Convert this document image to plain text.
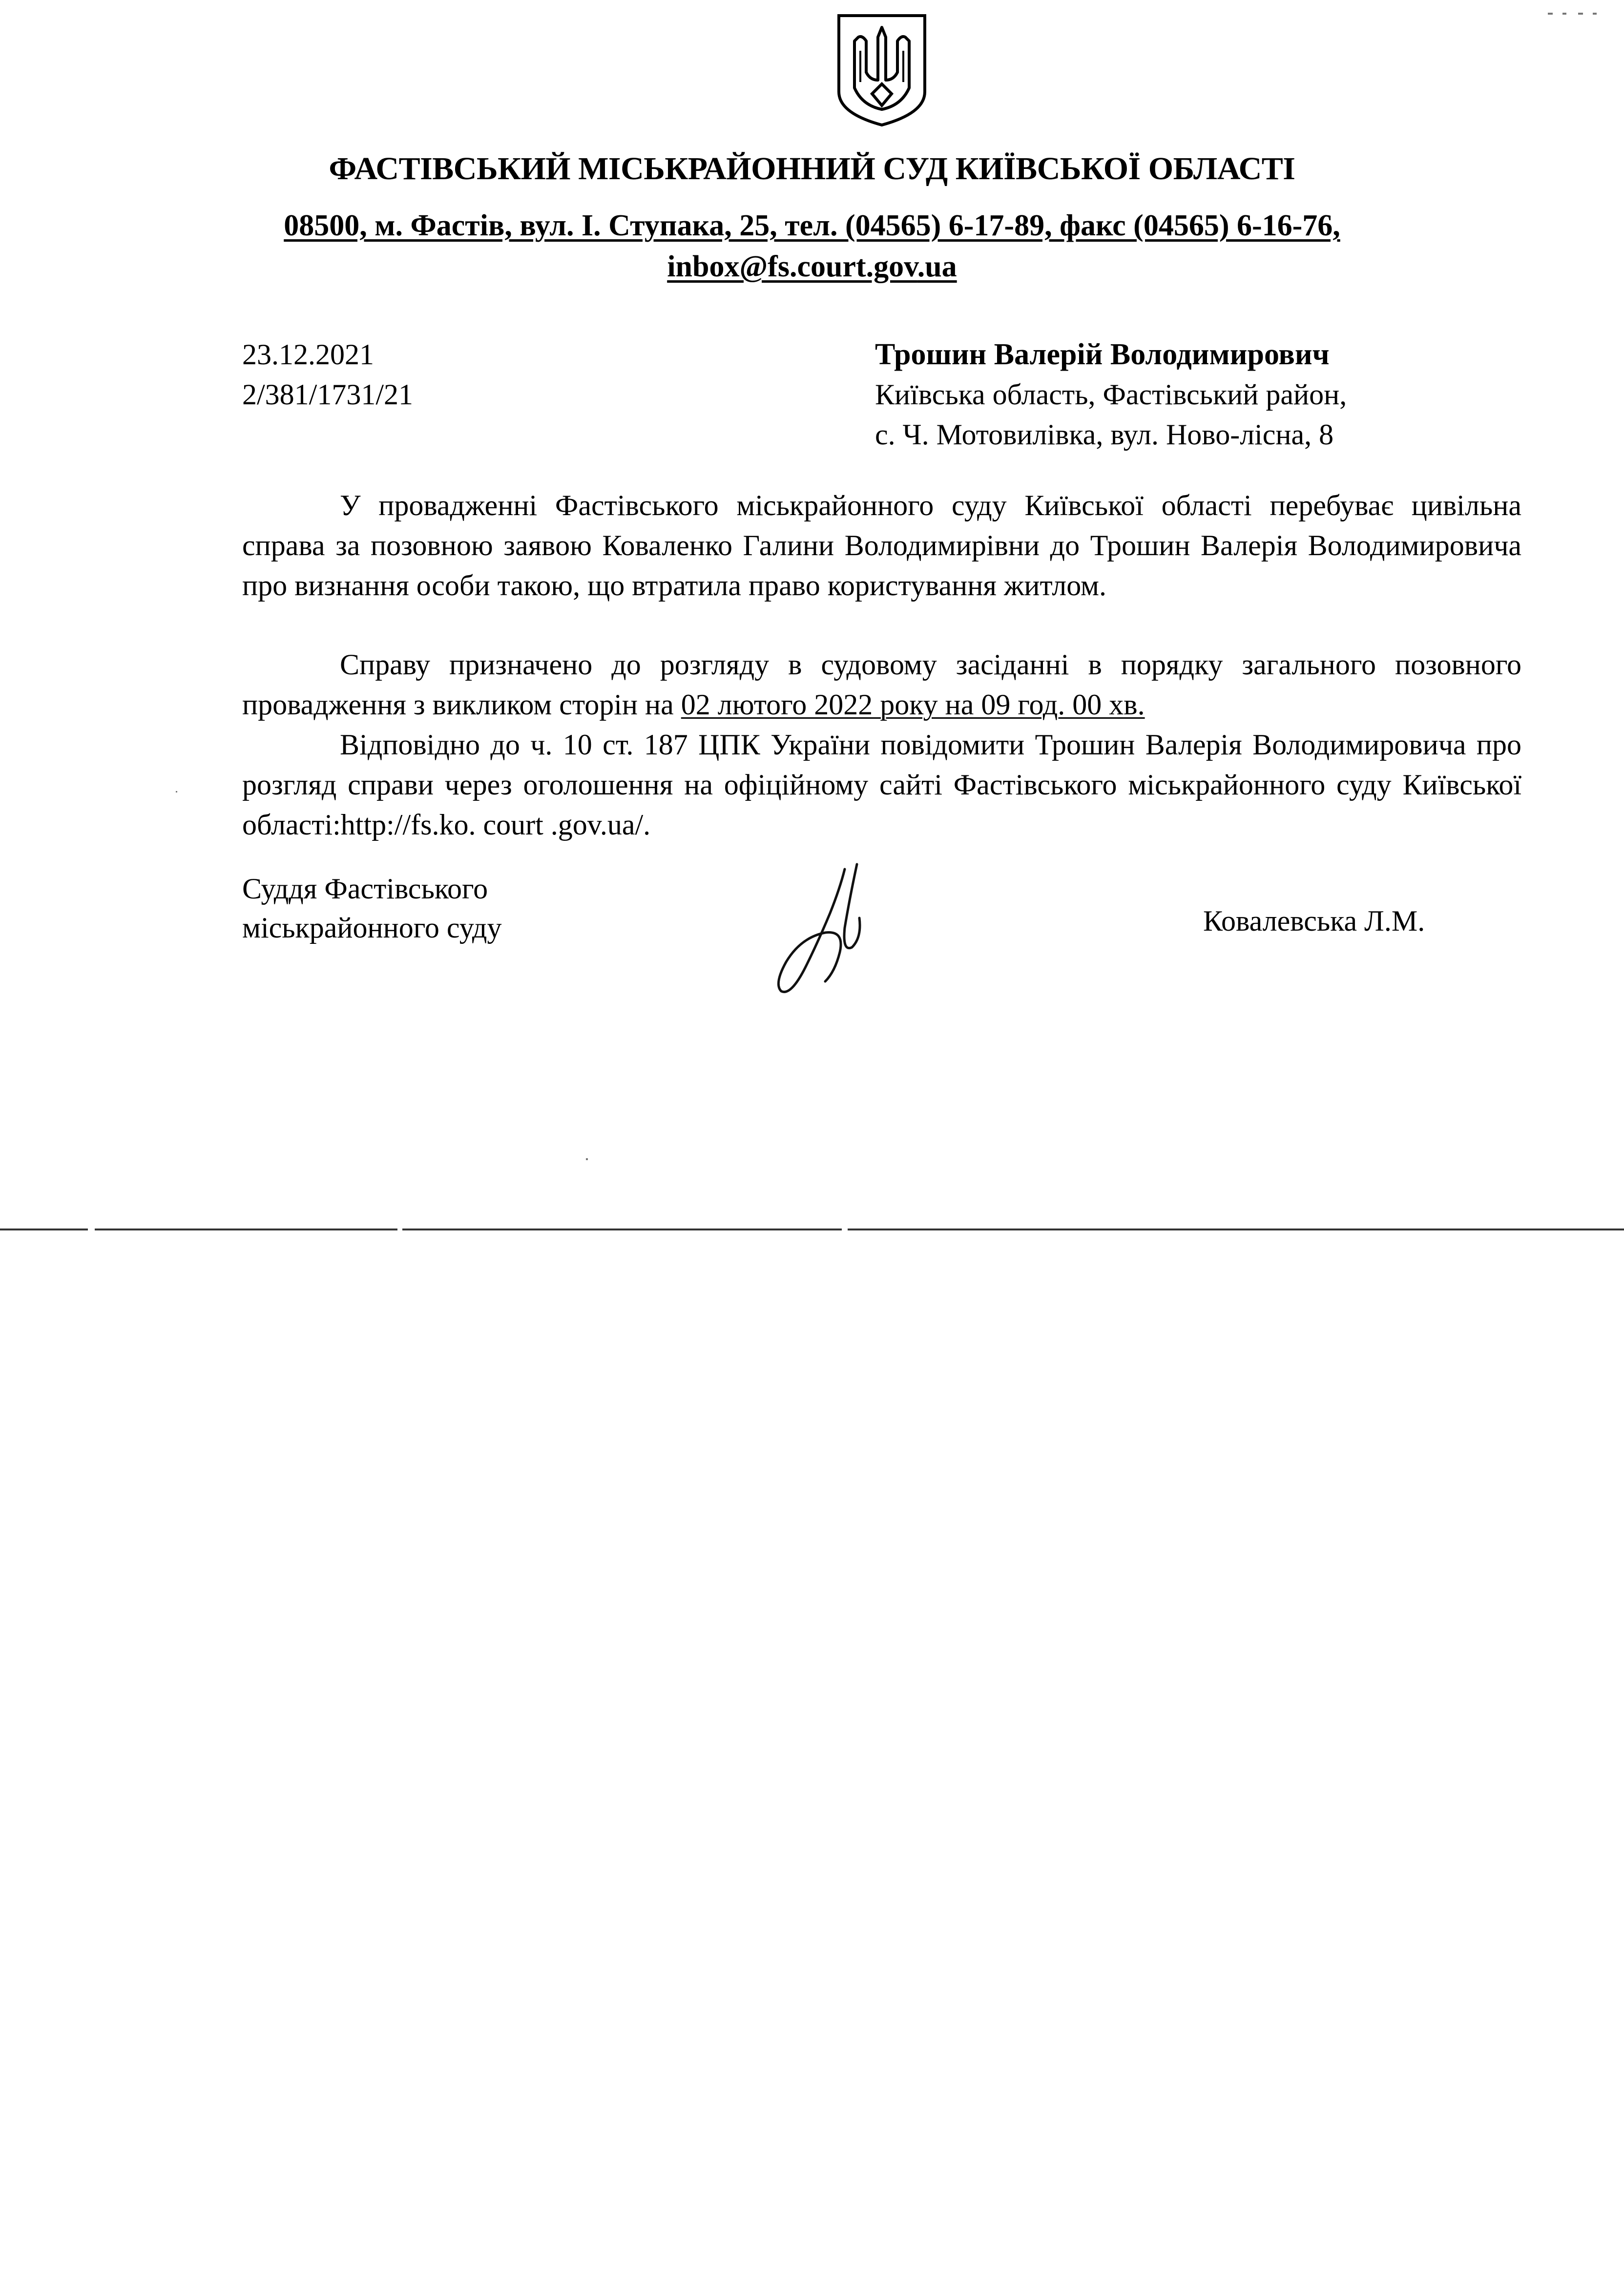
ФАСТІВСЬКИЙ МІСЬКРАЙОННИЙ СУД КИЇВСЬКОЇ ОБЛАСТІ
08500, м. Фастів, вул. І. Ступака, 25, тел. (04565) 6-17-89, факс (04565) 6-16-76,
inbox@fs.court.gov.ua
23.12.2021
2/381/1731/21
Трошин Валерій Володимирович
Київська область, Фастівський район,
с. Ч. Мотовилівка, вул. Ново-лісна, 8
У провадженні Фастівського міськрайонного суду Київської області перебуває цивільна справа за позовною заявою Коваленко Галини Володимирівни до Трошин Валерія Володимировича про визнання особи такою, що втратила право користування житлом.
Справу призначено до розгляду в судовому засіданні в порядку загального позовного провадження з викликом сторін на 02 лютого 2022 року на 09 год. 00 хв.
Відповідно до ч. 10 ст. 187 ЦПК України повідомити Трошин Валерія Володимировича про розгляд справи через оголошення на офіційному сайті Фастівського міськрайонного суду Київської області:http://fs.ko. court .gov.ua/.
Суддя Фастівського
міськрайонного суду	Ковалевська Л.М.
